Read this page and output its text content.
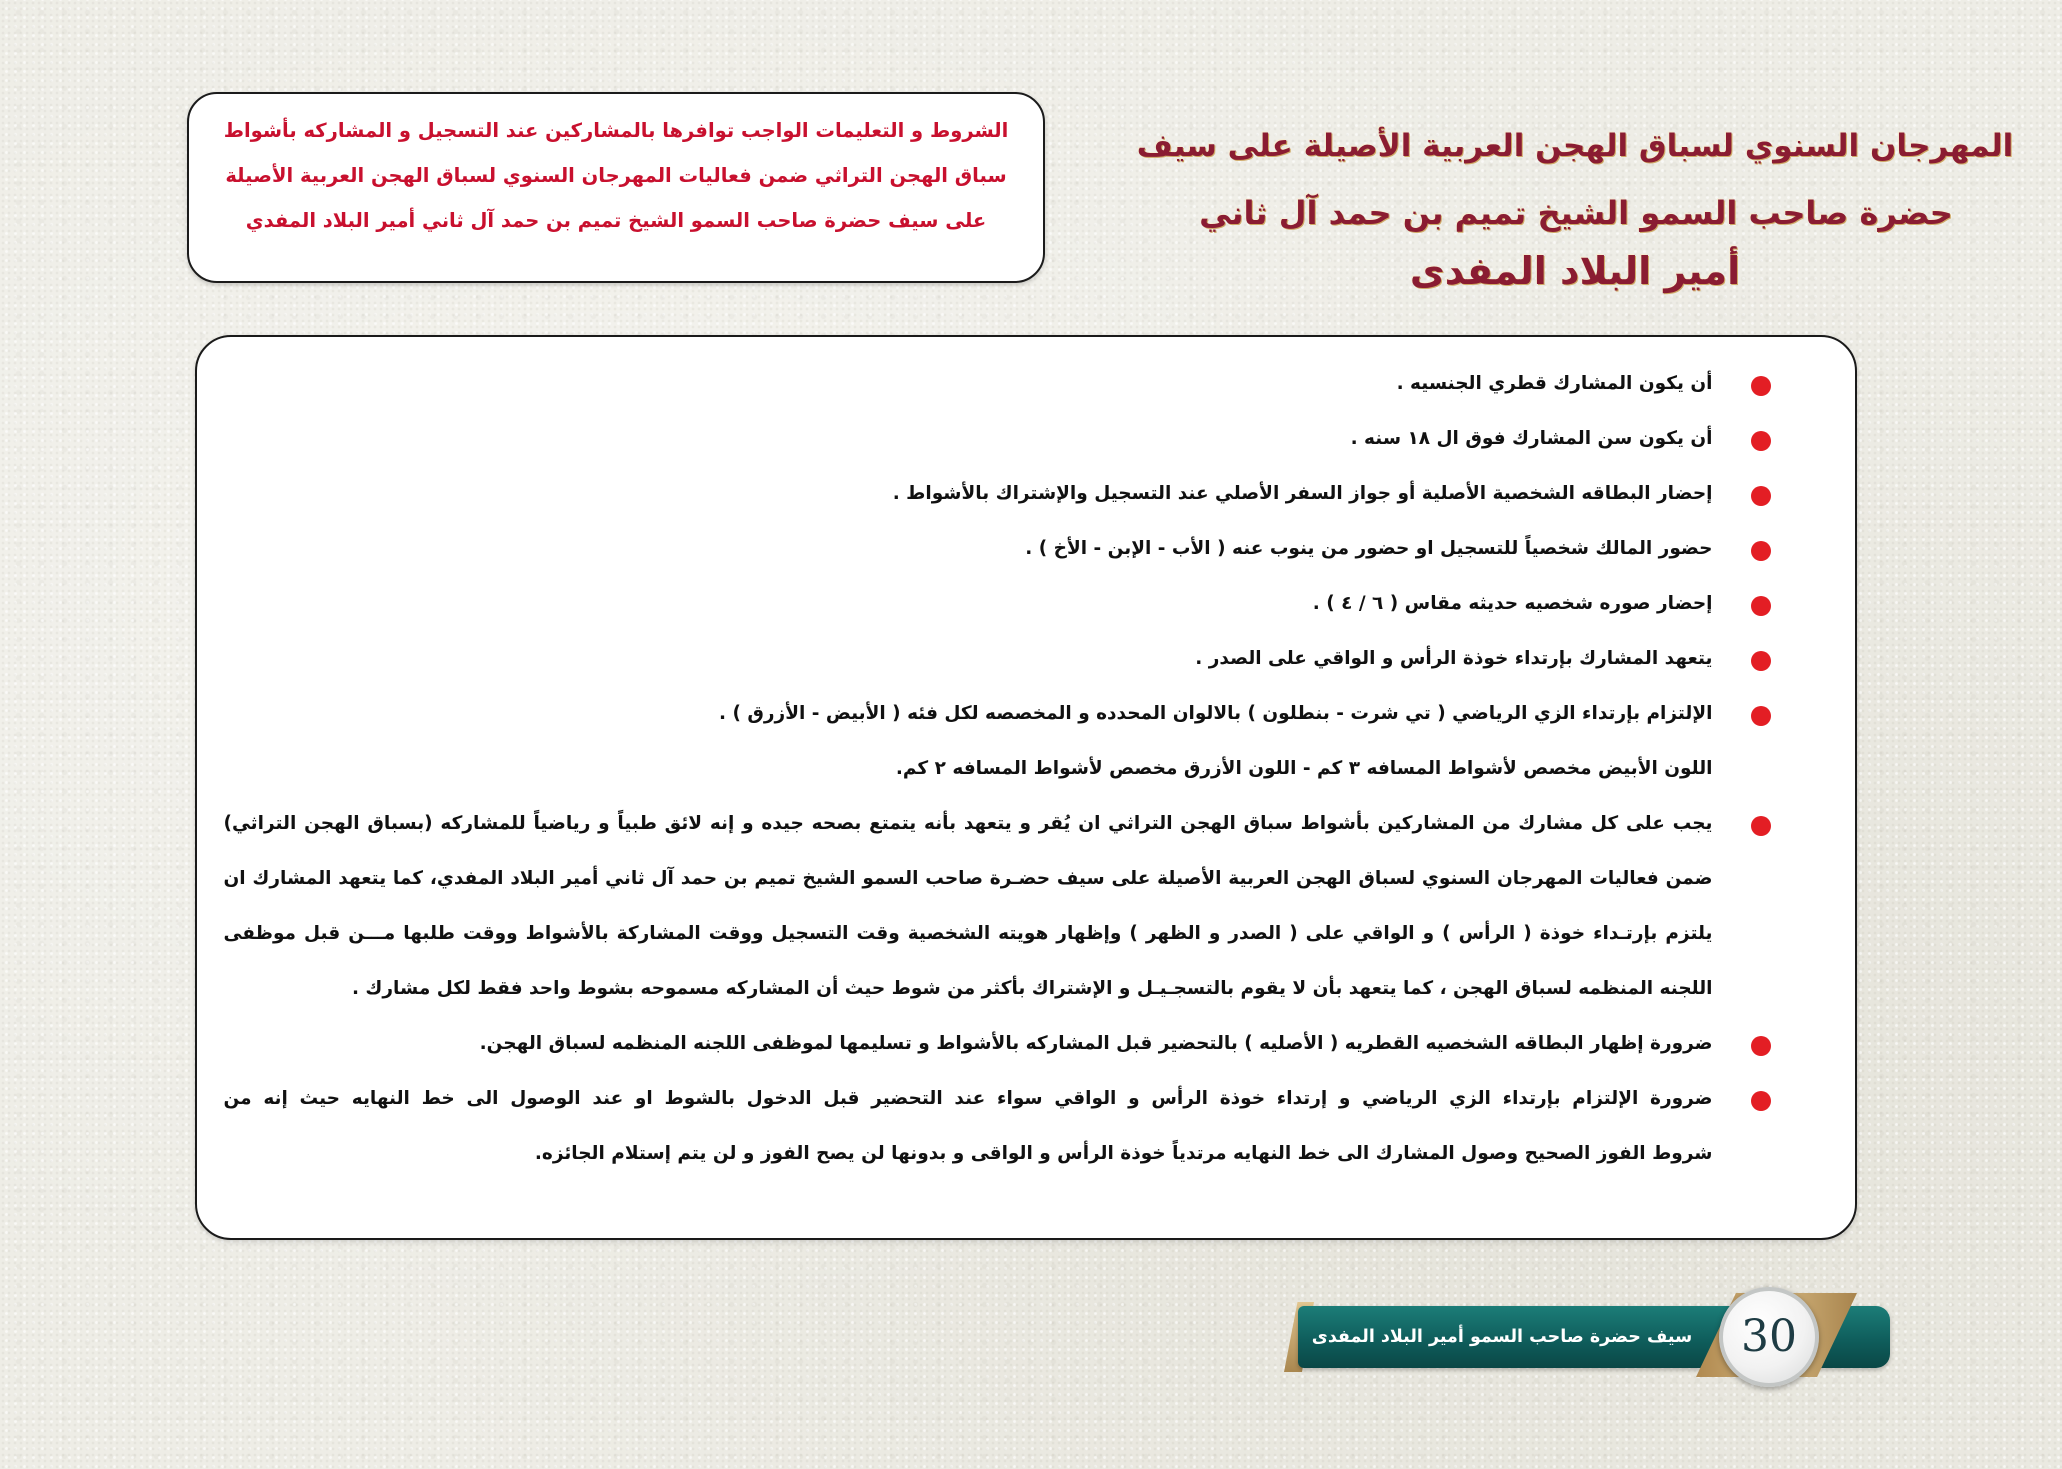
المهرجان السنوي لسباق الهجن العربية الأصيلة على سيف
حضرة صاحب السمو الشيخ تميم بن حمد آل ثاني
أمير البلاد المفدى
الشروط و التعليمات الواجب توافرها بالمشاركين عند التسجيل و المشاركه بأشواط
سباق الهجن التراثي ضمن فعاليات المهرجان السنوي لسباق الهجن العربية الأصيلة
على سيف حضرة صاحب السمو الشيخ تميم بن حمد آل ثاني أمير البلاد المفدي
أن يكون المشارك قطري الجنسيه .
أن يكون سن المشارك فوق ال ١٨ سنه .
إحضار البطاقه الشخصية الأصلية أو جواز السفر الأصلي عند التسجيل والإشتراك بالأشواط .
حضور المالك شخصياً للتسجيل او حضور من ينوب عنه ( الأب - الإبن - الأخ ) .
إحضار صوره شخصيه حديثه مقاس ( ٦ / ٤ ) .
يتعهد المشارك بإرتداء خوذة الرأس و الواقي على الصدر .
الإلتزام بإرتداء الزي الرياضي ( تي شرت - بنطلون ) بالالوان المحدده و المخصصه لكل فئه ( الأبيض - الأزرق ) .
اللون الأبيض مخصص لأشواط المسافه ٣ كم - اللون الأزرق مخصص لأشواط المسافه ٢ كم.
يجب على كل مشارك من المشاركين بأشواط سباق الهجن التراثي ان يُقر و يتعهد بأنه يتمتع بصحه جيده و إنه لائق طبياً و رياضياً للمشاركه (بسباق الهجن التراثي)
ضمن فعاليات المهرجان السنوي لسباق الهجن العربية الأصيلة على سيف حضـرة صاحب السمو الشيخ تميم بن حمد آل ثاني أمير البلاد المفدي، كما يتعهد المشارك ان
يلتزم بإرتـداء خوذة ( الرأس ) و الواقي على ( الصدر و الظهر ) وإظهار هويته الشخصية وقت التسجيل ووقت المشاركة بالأشواط ووقت طلبها مـــن قبل موظفى
اللجنه المنظمه لسباق الهجن ، كما يتعهد بأن لا يقوم بالتسجـيـل و الإشتراك بأكثر من شوط حيث أن المشاركه مسموحه بشوط واحد فقط لكل مشارك .
ضرورة إظهار البطاقه الشخصيه القطريه ( الأصليه ) بالتحضير قبل المشاركه بالأشواط و تسليمها لموظفى اللجنه المنظمه لسباق الهجن.
ضرورة الإلتزام بإرتداء الزي الرياضي و إرتداء خوذة الرأس و الواقي سواء عند التحضير قبل الدخول بالشوط او عند الوصول الى خط النهايه حيث إنه من
شروط الفوز الصحيح وصول المشارك الى خط النهايه مرتدياً خوذة الرأس و الواقى و بدونها لن يصح الفوز و لن يتم إستلام الجائزه.
سيف حضرة صاحب السمو أمير البلاد المفدى	30
